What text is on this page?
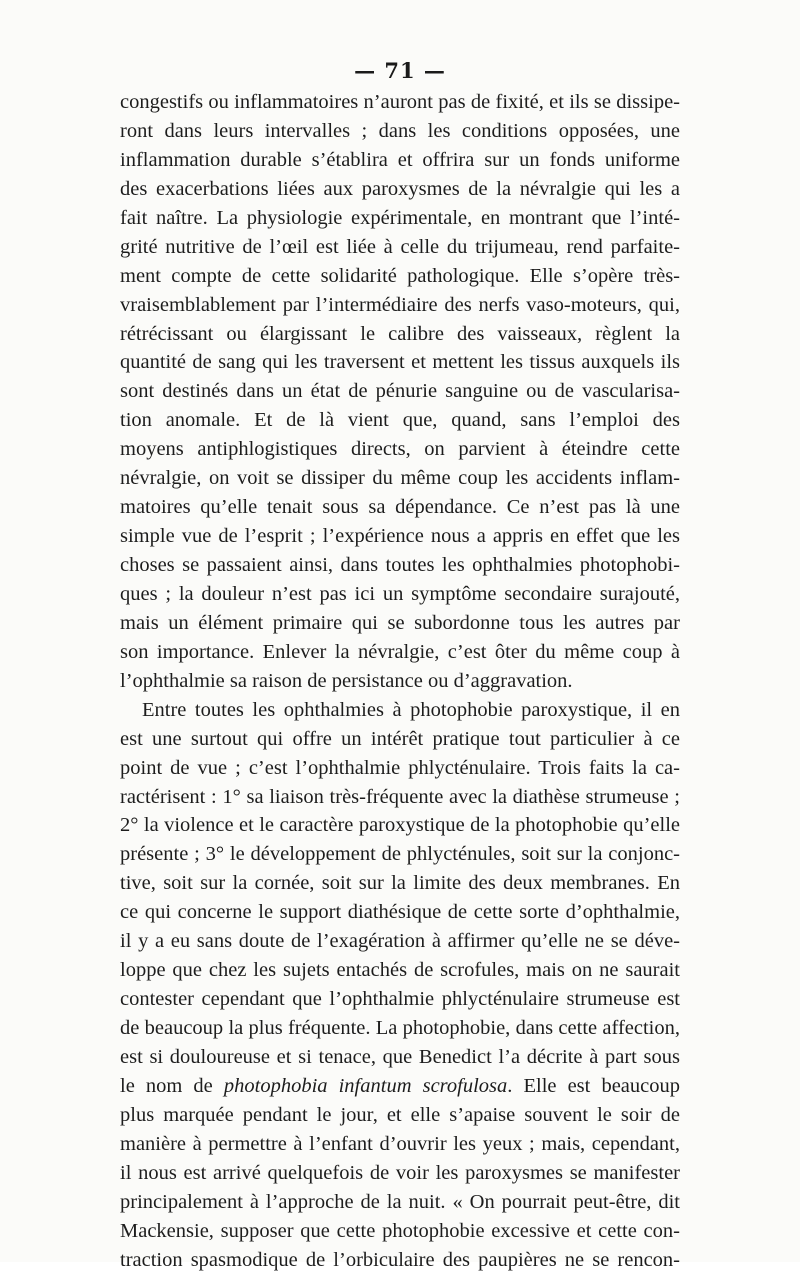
— 71 —
congestifs ou inflammatoires n’auront pas de fixité, et ils se dissipe-
ront dans leurs intervalles ; dans les conditions opposées, une
inflammation durable s’établira et offrira sur un fonds uniforme
des exacerbations liées aux paroxysmes de la névralgie qui les a
fait naître. La physiologie expérimentale, en montrant que l’inté-
grité nutritive de l’œil est liée à celle du trijumeau, rend parfaite-
ment compte de cette solidarité pathologique. Elle s’opère très-
vraisemblablement par l’intermédiaire des nerfs vaso-moteurs, qui,
rétrécissant ou élargissant le calibre des vaisseaux, règlent la
quantité de sang qui les traversent et mettent les tissus auxquels ils
sont destinés dans un état de pénurie sanguine ou de vascularisa-
tion anomale. Et de là vient que, quand, sans l’emploi des
moyens antiphlogistiques directs, on parvient à éteindre cette
névralgie, on voit se dissiper du même coup les accidents inflam-
matoires qu’elle tenait sous sa dépendance. Ce n’est pas là une
simple vue de l’esprit ; l’expérience nous a appris en effet que les
choses se passaient ainsi, dans toutes les ophthalmies photophobi-
ques ; la douleur n’est pas ici un symptôme secondaire surajouté,
mais un élément primaire qui se subordonne tous les autres par
son importance. Enlever la névralgie, c’est ôter du même coup à
l’ophthalmie sa raison de persistance ou d’aggravation.
Entre toutes les ophthalmies à photophobie paroxystique, il en
est une surtout qui offre un intérêt pratique tout particulier à ce
point de vue ; c’est l’ophthalmie phlycténulaire. Trois faits la ca-
ractérisent : 1° sa liaison très-fréquente avec la diathèse strumeuse ;
2° la violence et le caractère paroxystique de la photophobie qu’elle
présente ; 3° le développement de phlycténules, soit sur la conjonc-
tive, soit sur la cornée, soit sur la limite des deux membranes. En
ce qui concerne le support diathésique de cette sorte d’ophthalmie,
il y a eu sans doute de l’exagération à affirmer qu’elle ne se déve-
loppe que chez les sujets entachés de scrofules, mais on ne saurait
contester cependant que l’ophthalmie phlycténulaire strumeuse est
de beaucoup la plus fréquente. La photophobie, dans cette affection,
est si douloureuse et si tenace, que Benedict l’a décrite à part sous
le nom de photophobia infantum scrofulosa. Elle est beaucoup
plus marquée pendant le jour, et elle s’apaise souvent le soir de
manière à permettre à l’enfant d’ouvrir les yeux ; mais, cependant,
il nous est arrivé quelquefois de voir les paroxysmes se manifester
principalement à l’approche de la nuit. « On pourrait peut-être, dit
Mackensie, supposer que cette photophobie excessive et cette con-
traction spasmodique de l’orbiculaire des paupières ne se rencon-
